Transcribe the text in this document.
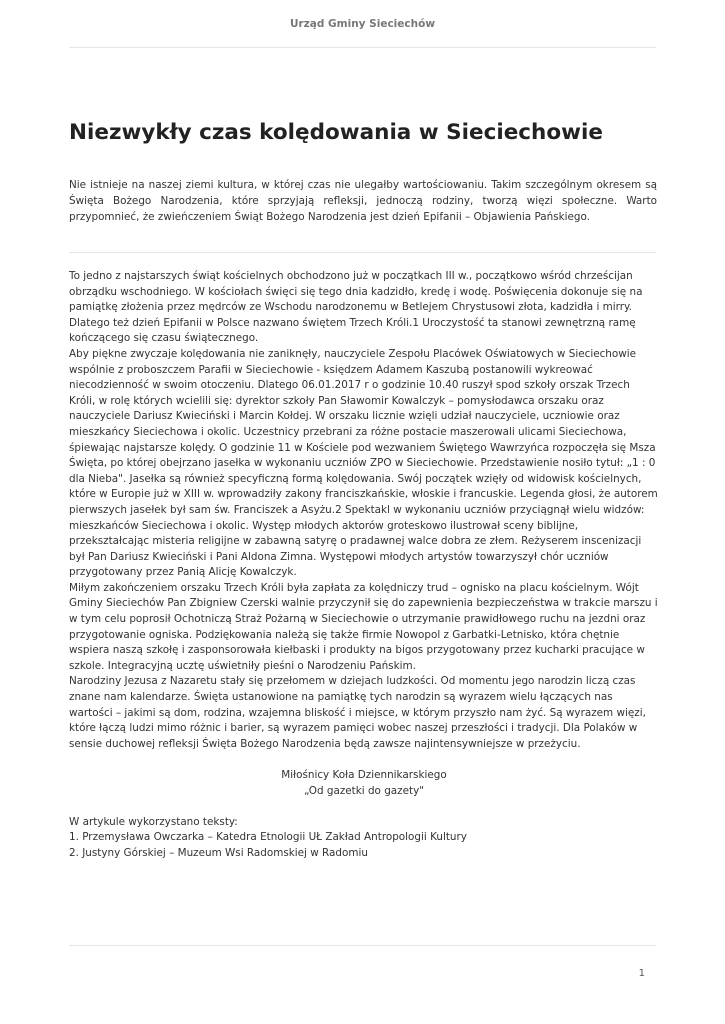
Urząd Gminy Sieciechów
Niezwykły czas kolędowania w Sieciechowie

Nie istnieje na naszej ziemi kultura, w której czas nie ulegałby wartościowaniu. Takim szczególnym okresem są Święta Bożego Narodzenia, które sprzyjają refleksji, jednoczą rodziny, tworzą więzi społeczne. Warto przypomnieć, że zwieńczeniem Świąt Bożego Narodzenia jest dzień Epifanii – Objawienia Pańskiego.

To jedno z najstarszych świąt kościelnych obchodzono już w początkach III w., początkowo wśród chrześcijan obrządku wschodniego. W kościołach święci się tego dnia kadzidło, kredę i wodę. Poświęcenia dokonuje się na pamiątkę złożenia przez mędrców ze Wschodu narodzonemu w Betlejem Chrystusowi złota, kadzidła i mirry. Dlatego też dzień Epifanii w Polsce nazwano świętem Trzech Króli.1 Uroczystość ta stanowi zewnętrzną ramę kończącego się czasu świątecznego.

Aby piękne zwyczaje kolędowania nie zaniknęły, nauczyciele Zespołu Placówek Oświatowych w Sieciechowie wspólnie z proboszczem Parafii w Sieciechowie - księdzem Adamem Kaszubą postanowili wykreować niecodzienność w swoim otoczeniu. Dlatego 06.01.2017 r o godzinie 10.40 ruszył spod szkoły orszak Trzech Króli, w rolę których wcielili się: dyrektor szkoły Pan Sławomir Kowalczyk – pomysłodawca orszaku oraz nauczyciele Dariusz Kwieciński i Marcin Kołdej. W orszaku licznie wzięli udział nauczyciele, uczniowie oraz mieszkańcy Sieciechowa i okolic. Uczestnicy przebrani za różne postacie maszerowali ulicami Sieciechowa, śpiewając najstarsze kolędy. O godzinie 11 w Kościele pod wezwaniem Świętego Wawrzyńca rozpoczęła się Msza Święta, po której obejrzano jasełka w wykonaniu uczniów ZPO w Sieciechowie. Przedstawienie nosiło tytuł: „1 : 0 dla Nieba". Jasełka są również specyficzną formą kolędowania. Swój początek wzięły od widowisk kościelnych, które w Europie już w XIII w. wprowadziły zakony franciszkańskie, włoskie i francuskie. Legenda głosi, że autorem pierwszych jasełek był sam św. Franciszek a Asyżu.2 Spektakl w wykonaniu uczniów przyciągnął wielu widzów: mieszkańców Sieciechowa i okolic. Występ młodych aktorów groteskowo ilustrował sceny biblijne, przekształcając misteria religijne w zabawną satyrę o pradawnej walce dobra ze złem. Reżyserem inscenizacji był Pan Dariusz Kwieciński i Pani Aldona Zimna. Występowi młodych artystów towarzyszył chór uczniów przygotowany przez Panią Alicję Kowalczyk.

Miłym zakończeniem orszaku Trzech Króli była zapłata za kolędniczy trud – ognisko na placu kościelnym. Wójt Gminy Sieciechów Pan Zbigniew Czerski walnie przyczynił się do zapewnienia bezpieczeństwa w trakcie marszu i w tym celu poprosił Ochotniczą Straż Pożarną w Sieciechowie o utrzymanie prawidłowego ruchu na jezdni oraz przygotowanie ogniska. Podziękowania należą się także firmie Nowopol z Garbatki-Letnisko, która chętnie wspiera naszą szkołę i zasponsorowała kiełbaski i produkty na bigos przygotowany przez kucharki pracujące w szkole. Integracyjną ucztę uświetniły pieśni o Narodzeniu Pańskim.

Narodziny Jezusa z Nazaretu stały się przełomem w dziejach ludzkości. Od momentu jego narodzin liczą czas znane nam kalendarze. Święta ustanowione na pamiątkę tych narodzin są wyrazem wielu łączących nas wartości – jakimi są dom, rodzina, wzajemna bliskość i miejsce, w którym przyszło nam żyć. Są wyrazem więzi, które łączą ludzi mimo różnic i barier, są wyrazem pamięci wobec naszej przeszłości i tradycji. Dla Polaków w sensie duchowej refleksji Święta Bożego Narodzenia będą zawsze najintensywniejsze w przeżyciu.

Miłośnicy Koła Dziennikarskiego
„Od gazetki do gazety"

W artykule wykorzystano teksty:
1. Przemysława Owczarka – Katedra Etnologii UŁ Zakład Antropologii Kultury
2. Justyny Górskiej – Muzeum Wsi Radomskiej w Radomiu

1
